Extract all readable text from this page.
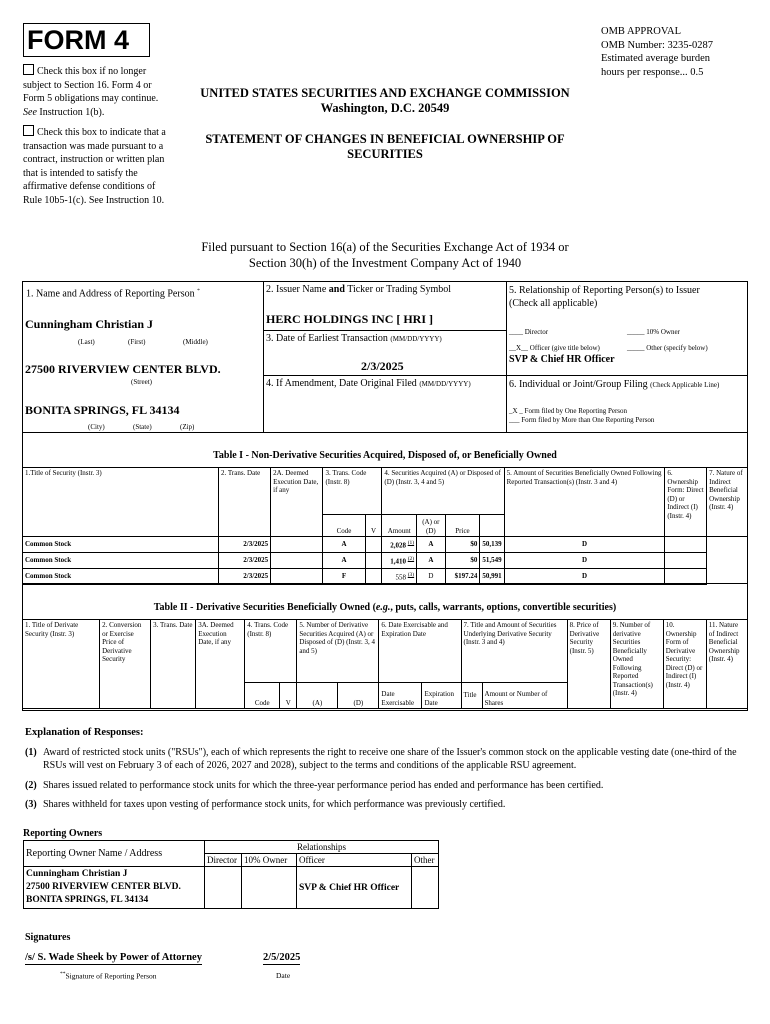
FORM 4	OMB APPROVAL
OMB Number: 3235-0287
Estimated average burden
hours per response... 0.5
Check this box if no longer subject to Section 16. Form 4 or Form 5 obligations may continue. See Instruction 1(b).
Check this box to indicate that a transaction was made pursuant to a contract, instruction or written plan that is intended to satisfy the affirmative defense conditions of Rule 10b5-1(c). See Instruction 10.
UNITED STATES SECURITIES AND EXCHANGE COMMISSION
Washington, D.C. 20549
STATEMENT OF CHANGES IN BENEFICIAL OWNERSHIP OF SECURITIES
Filed pursuant to Section 16(a) of the Securities Exchange Act of 1934 or
Section 30(h) of the Investment Company Act of 1940
1. Name and Address of Reporting Person *
Cunningham Christian J
(Last)	(First)	(Middle)
27500 RIVERVIEW CENTER BLVD.
(Street)
BONITA SPRINGS, FL 34134
(City)	(State)	(Zip)
2. Issuer Name and Ticker or Trading Symbol
HERC HOLDINGS INC [ HRI ]
3. Date of Earliest Transaction (MM/DD/YYYY)
2/3/2025
4. If Amendment, Date Original Filed (MM/DD/YYYY)
5. Relationship of Reporting Person(s) to Issuer
(Check all applicable)
____ Director	_____ 10% Owner
__X__ Officer (give title below)	_____ Other (specify below)
SVP & Chief HR Officer
6. Individual or Joint/Group Filing (Check Applicable Line)
_X _ Form filed by One Reporting Person
___ Form filed by More than One Reporting Person
Table I - Non-Derivative Securities Acquired, Disposed of, or Beneficially Owned
1.Title of Security (Instr. 3)	2. Trans. Date	2A. Deemed Execution Date, if any	3. Trans. Code (Instr. 8)		4. Securities Acquired (A) or Disposed of (D) (Instr. 3, 4 and 5)				5. Amount of Securities Beneficially Owned Following Reported Transaction(s) (Instr. 3 and 4)	6. Ownership Form: Direct (D) or Indirect (I) (Instr. 4)	7. Nature of Indirect Beneficial Ownership (Instr. 4)
			Code	V	Amount	(A) or (D)	Price				
Common Stock	2/3/2025		A		2,028 $^{(1)}$	A	$0	50,139	D		
Common Stock	2/3/2025		A		1,410 $^{(2)}$	A	$0	51,549	D		
Common Stock	2/3/2025		F		558 $^{(3)}$	D	$197.24	50,991	D		
Table II - Derivative Securities Beneficially Owned (e.g., puts, calls, warrants, options, convertible securities)
1. Title of Derivate Security (Instr. 3)	2. Conversion or Exercise Price of Derivative Security	3. Trans. Date	3A. Deemed Execution Date, if any	4. Trans. Code (Instr. 8)		5. Number of Derivative Securities Acquired (A) or Disposed of (D) (Instr. 3, 4 and 5)		6. Date Exercisable and Expiration Date		7. Title and Amount of Securities Underlying Derivative Security (Instr. 3 and 4)		8. Price of Derivative Security (Instr. 5)	9. Number of derivative Securities Beneficially Owned Following Reported Transaction(s) (Instr. 4)	10. Ownership Form of Derivative Security: Direct (D) or Indirect (I) (Instr. 4)	11. Nature of Indirect Beneficial Ownership (Instr. 4)
				Code	V	(A)	(D)	Date Exercisable	Expiration Date	Title	Amount or Number of Shares				
Explanation of Responses:
(1) Award of restricted stock units ("RSUs"), each of which represents the right to receive one share of the Issuer's common stock on the applicable vesting date (one-third of the RSUs will vest on February 3 of each of 2026, 2027 and 2028), subject to the terms and conditions of the applicable RSU agreement.
(2) Shares issued related to performance stock units for which the three-year performance period has ended and performance has been certified.
(3) Shares withheld for taxes upon vesting of performance stock units, for which performance was previously certified.
Reporting Owners
Reporting Owner Name / Address	Relationships			
	Director	10% Owner	Officer	Other

Cunningham Christian J
27500 RIVERVIEW CENTER BLVD.
BONITA SPRINGS, FL 34134			SVP & Chief HR Officer	
Signatures
/s/ S. Wade Sheek by Power of Attorney	2/5/2025
**Signature of Reporting Person	Date
